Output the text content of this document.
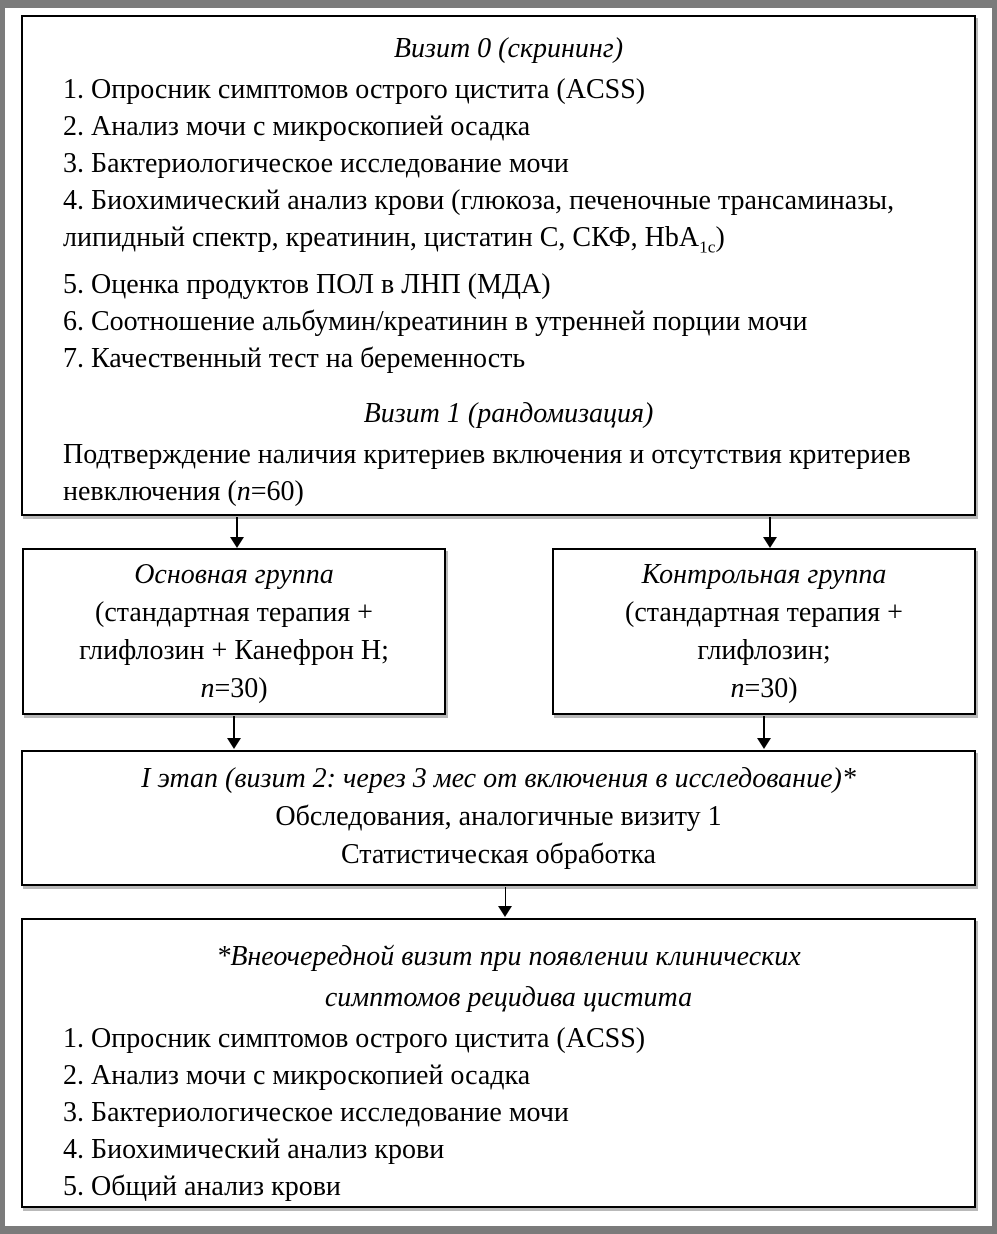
Визит 0 (скрининг)
1. Опросник симптомов острого цистита (ACSS)
2. Анализ мочи с микроскопией осадка
3. Бактериологическое исследование мочи
4. Биохимический анализ крови (глюкоза, печеночные трансаминазы, липидный спектр, креатинин, цистатин C, СКФ, HbA$_{1c}$)
5. Оценка продуктов ПОЛ в ЛНП (МДА)
6. Соотношение альбумин/креатинин в утренней порции мочи
7. Качественный тест на беременность
Визит 1 (рандомизация)
Подтверждение наличия критериев включения и отсутствия критериев невключения (n=60)
Основная группа
(стандартная терапия +
глифлозин + Канефрон Н;
n=30)
Контрольная группа
(стандартная терапия +
глифлозин;
n=30)
I этап (визит 2: через 3 мес от включения в исследование)*
Обследования, аналогичные визиту 1
Статистическая обработка
*Внеочередной визит при появлении клинических
симптомов рецидива цистита
1. Опросник симптомов острого цистита (ACSS)
2. Анализ мочи с микроскопией осадка
3. Бактериологическое исследование мочи
4. Биохимический анализ крови
5. Общий анализ крови
